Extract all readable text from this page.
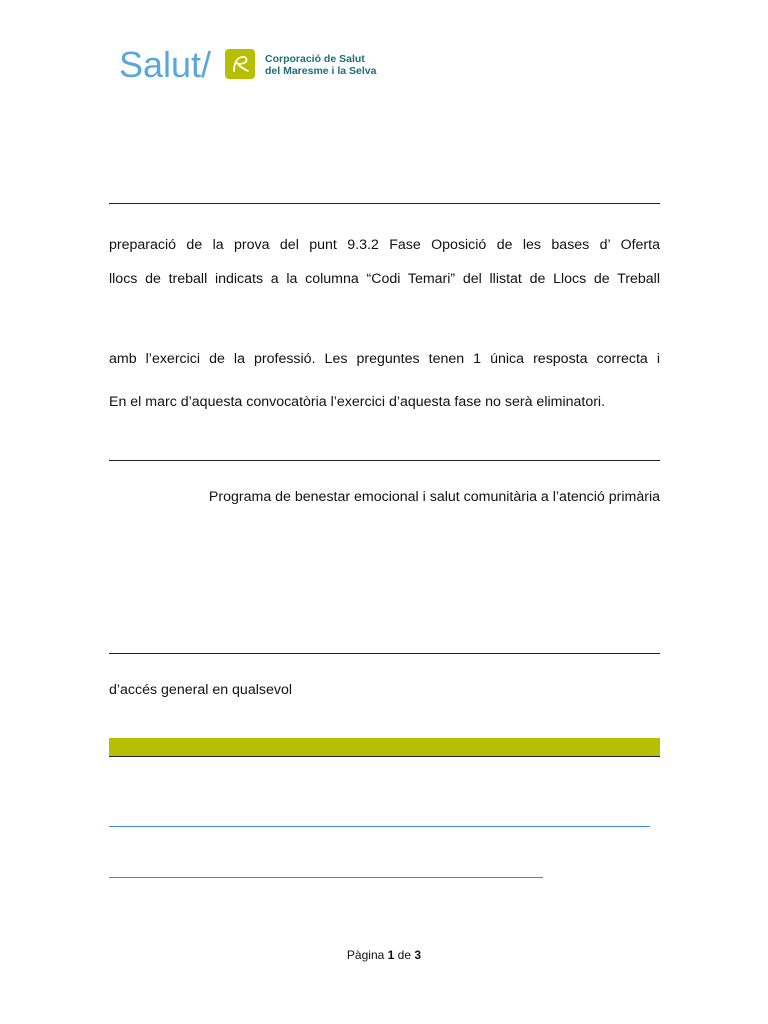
Salut/	Corporació de Salut
del Maresme i la Selva
preparació de la prova del punt 9.3.2 Fase Oposició de les bases d’ Oferta
llocs de treball indicats a la columna “Codi Temari” del llistat de Llocs de Treball
amb l’exercici de la professió. Les preguntes tenen 1 única resposta correcta i
En el marc d’aquesta convocatòria l’exercici d’aquesta fase no serà eliminatori.
Programa de benestar emocional i salut comunitària a l’atenció primària
d’accés general en qualsevol
Pàgina 1 de 3
